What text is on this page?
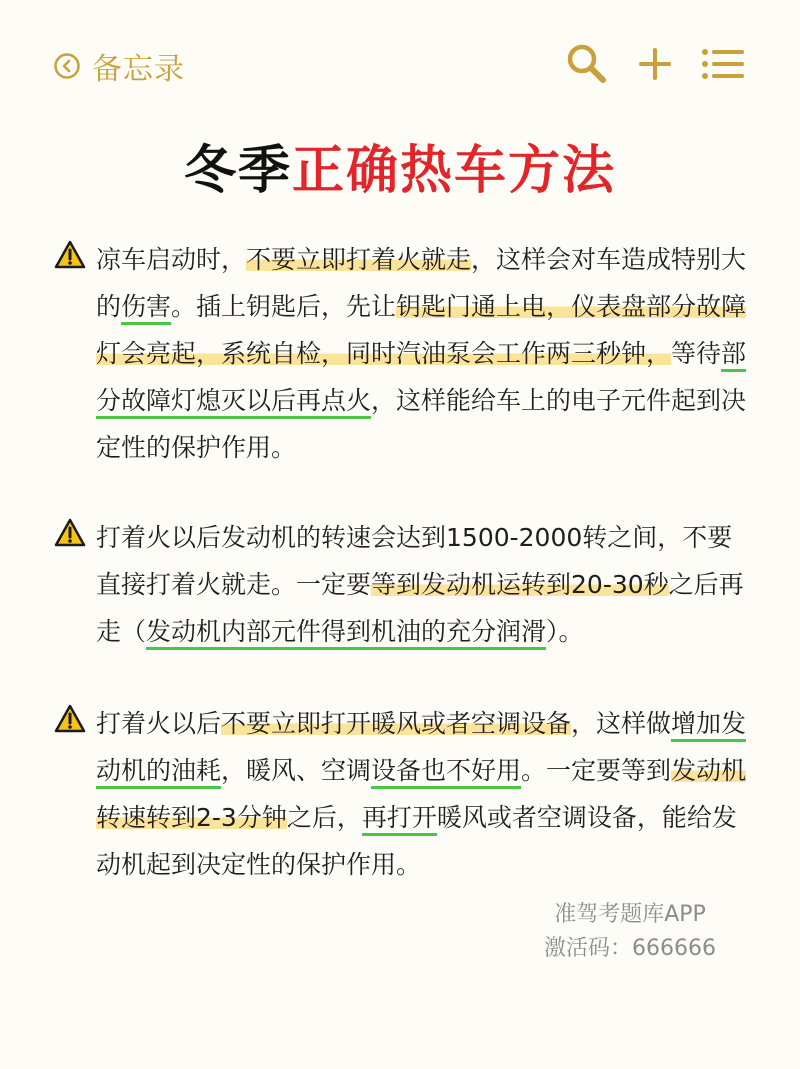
备忘录
冬季正确热车方法
凉车启动时，不要立即打着火就走，这样会对车造成特别大的伤害。插上钥匙后，先让钥匙门通上电，仪表盘部分故障灯会亮起，系统自检，同时汽油泵会工作两三秒钟，等待部分故障灯熄灭以后再点火，这样能给车上的电子元件起到决定性的保护作用。
打着火以后发动机的转速会达到1500-2000转之间，不要直接打着火就走。一定要等到发动机运转到20-30秒之后再走（发动机内部元件得到机油的充分润滑）。
打着火以后不要立即打开暖风或者空调设备，这样做增加发动机的油耗，暖风、空调设备也不好用。一定要等到发动机转速转到2-3分钟之后，再打开暖风或者空调设备，能给发动机起到决定性的保护作用。
准驾考题库APP
激活码：666666
